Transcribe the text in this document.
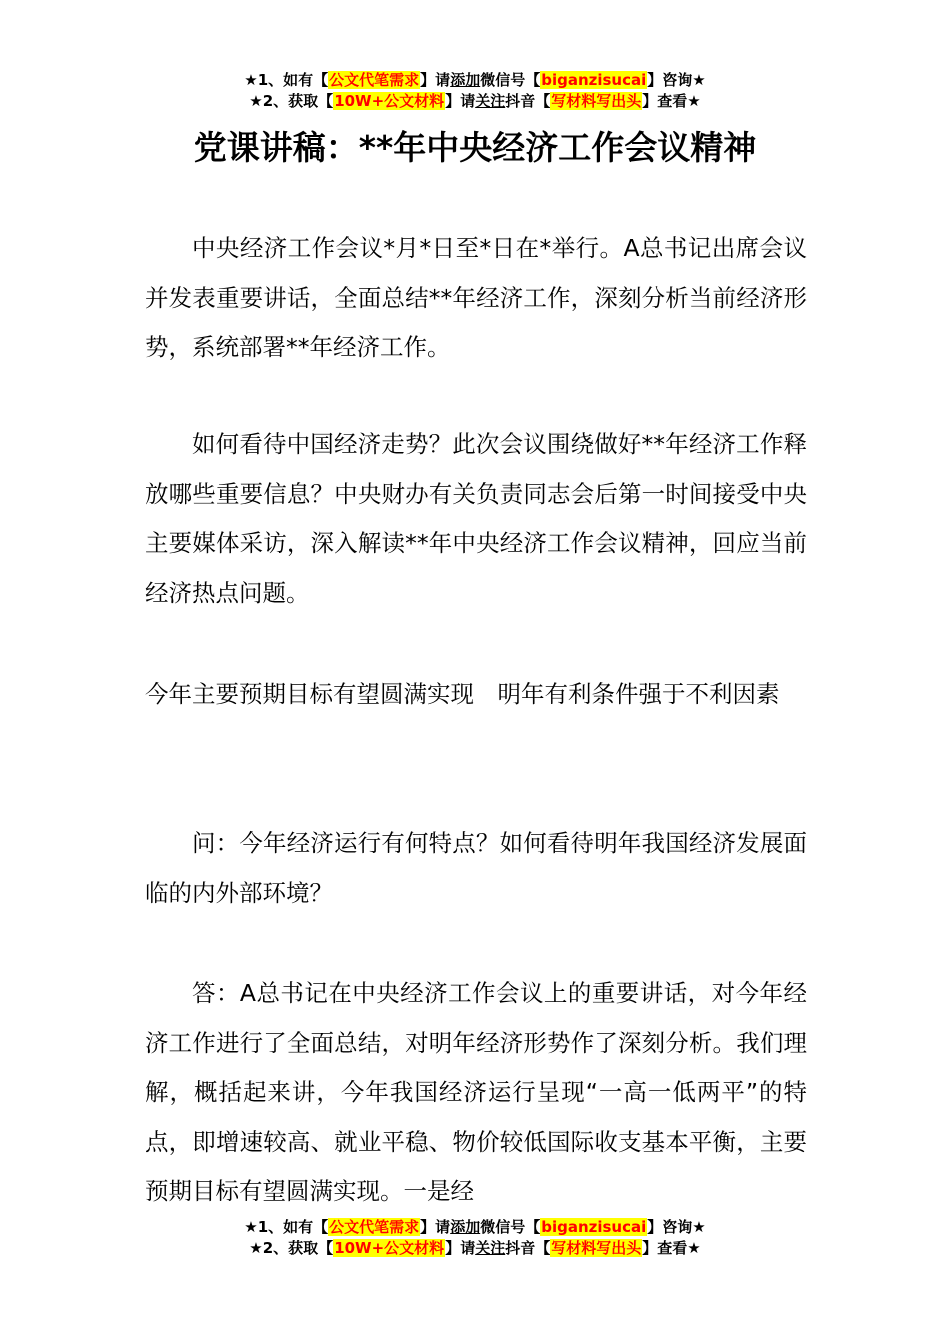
★1、如有【公文代笔需求】请添加微信号【biganzisucai】咨询★
★2、获取【10W+公文材料】请关注抖音【写材料写出头】查看★
党课讲稿：**年中央经济工作会议精神

中央经济工作会议*月*日至*日在*举行。A总书记出席会议并发表重要讲话，全面总结**年经济工作，深刻分析当前经济形势，系统部署**年经济工作。

如何看待中国经济走势？此次会议围绕做好**年经济工作释放哪些重要信息？中央财办有关负责同志会后第一时间接受中央主要媒体采访，深入解读**年中央经济工作会议精神，回应当前经济热点问题。

今年主要预期目标有望圆满实现　明年有利条件强于不利因素

问：今年经济运行有何特点？如何看待明年我国经济发展面临的内外部环境？

答：A总书记在中央经济工作会议上的重要讲话，对今年经济工作进行了全面总结，对明年经济形势作了深刻分析。我们理解，概括起来讲，今年我国经济运行呈现“一高一低两平”的特点，即增速较高、就业平稳、物价较低国际收支基本平衡，主要预期目标有望圆满实现。一是经

★1、如有【公文代笔需求】请添加微信号【biganzisucai】咨询★
★2、获取【10W+公文材料】请关注抖音【写材料写出头】查看★
